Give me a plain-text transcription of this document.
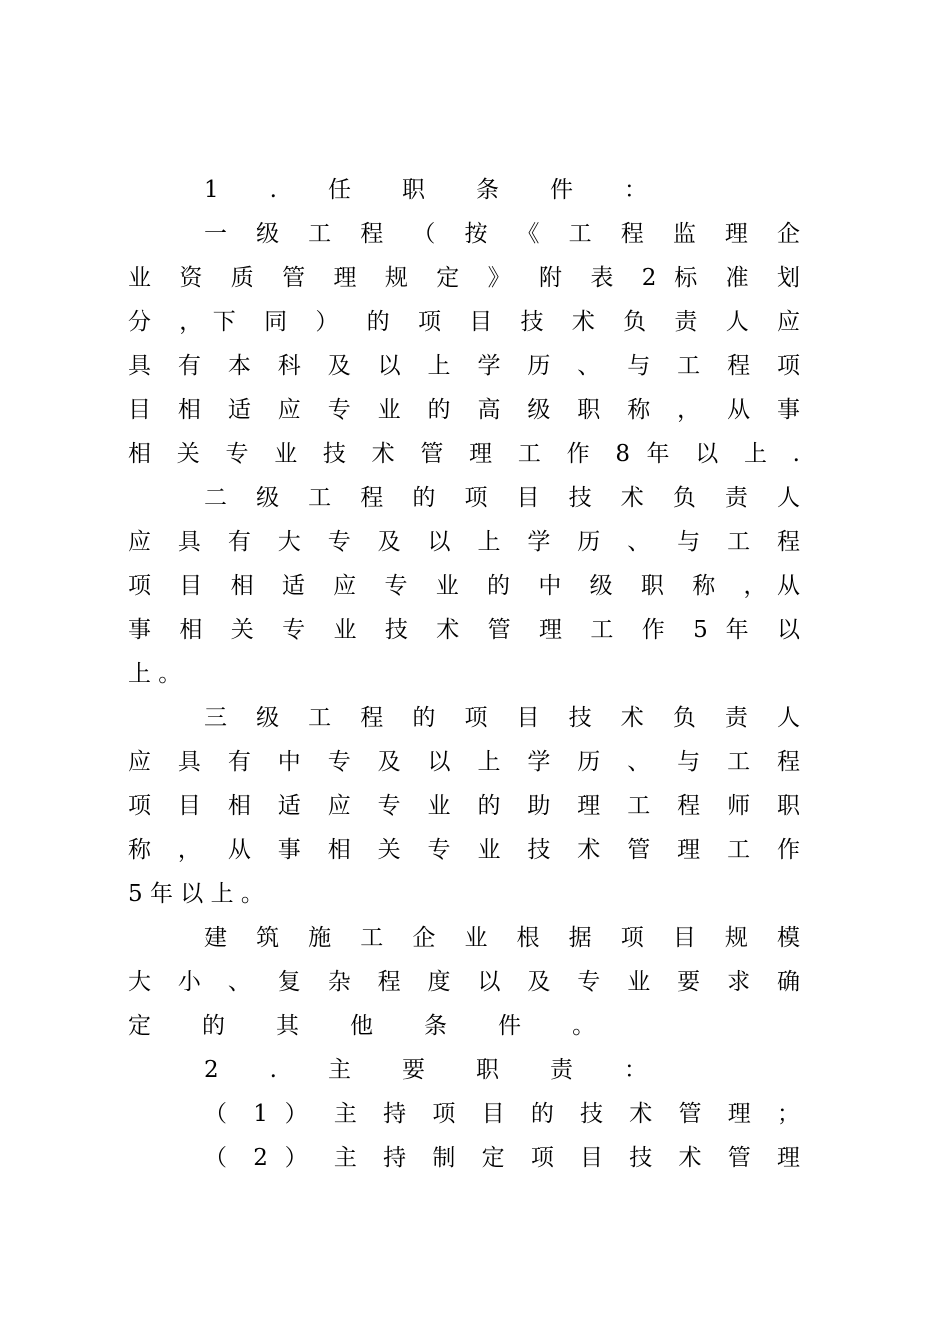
1 . 任 职 条 件 ：
一 级 工 程 （ 按 《 工 程 监 理 企
业 资 质 管 理 规 定 》 附 表 2 标 准 划
分 ，下 同 ） 的 项 目 技 术 负 责 人 应
具 有 本 科 及 以 上 学 历 、 与 工 程 项
目 相 适 应 专 业 的 高 级 职 称 ， 从 事
相 关 专 业 技 术 管 理 工 作 8 年 以 上 .
二 级 工 程 的 项 目 技 术 负 责 人
应 具 有 大 专 及 以 上 学 历 、 与 工 程
项 目 相 适 应 专 业 的 中 级 职 称 ，从
事 相 关 专 业 技 术 管 理 工 作 5 年 以
上 。
三 级 工 程 的 项 目 技 术 负 责 人
应 具 有 中 专 及 以 上 学 历 、 与 工 程
项 目 相 适 应 专 业 的 助 理 工 程 师 职
称 ， 从 事 相 关 专 业 技 术 管 理 工 作
5 年 以 上 。
建 筑 施 工 企 业 根 据 项 目 规 模
大 小 、 复 杂 程 度 以 及 专 业 要 求 确
定 的 其 他 条 件 。
2 . 主 要 职 责 ：
（ 1 ） 主 持 项 目 的 技 术 管 理 ；
（ 2 ） 主 持 制 定 项 目 技 术 管 理
